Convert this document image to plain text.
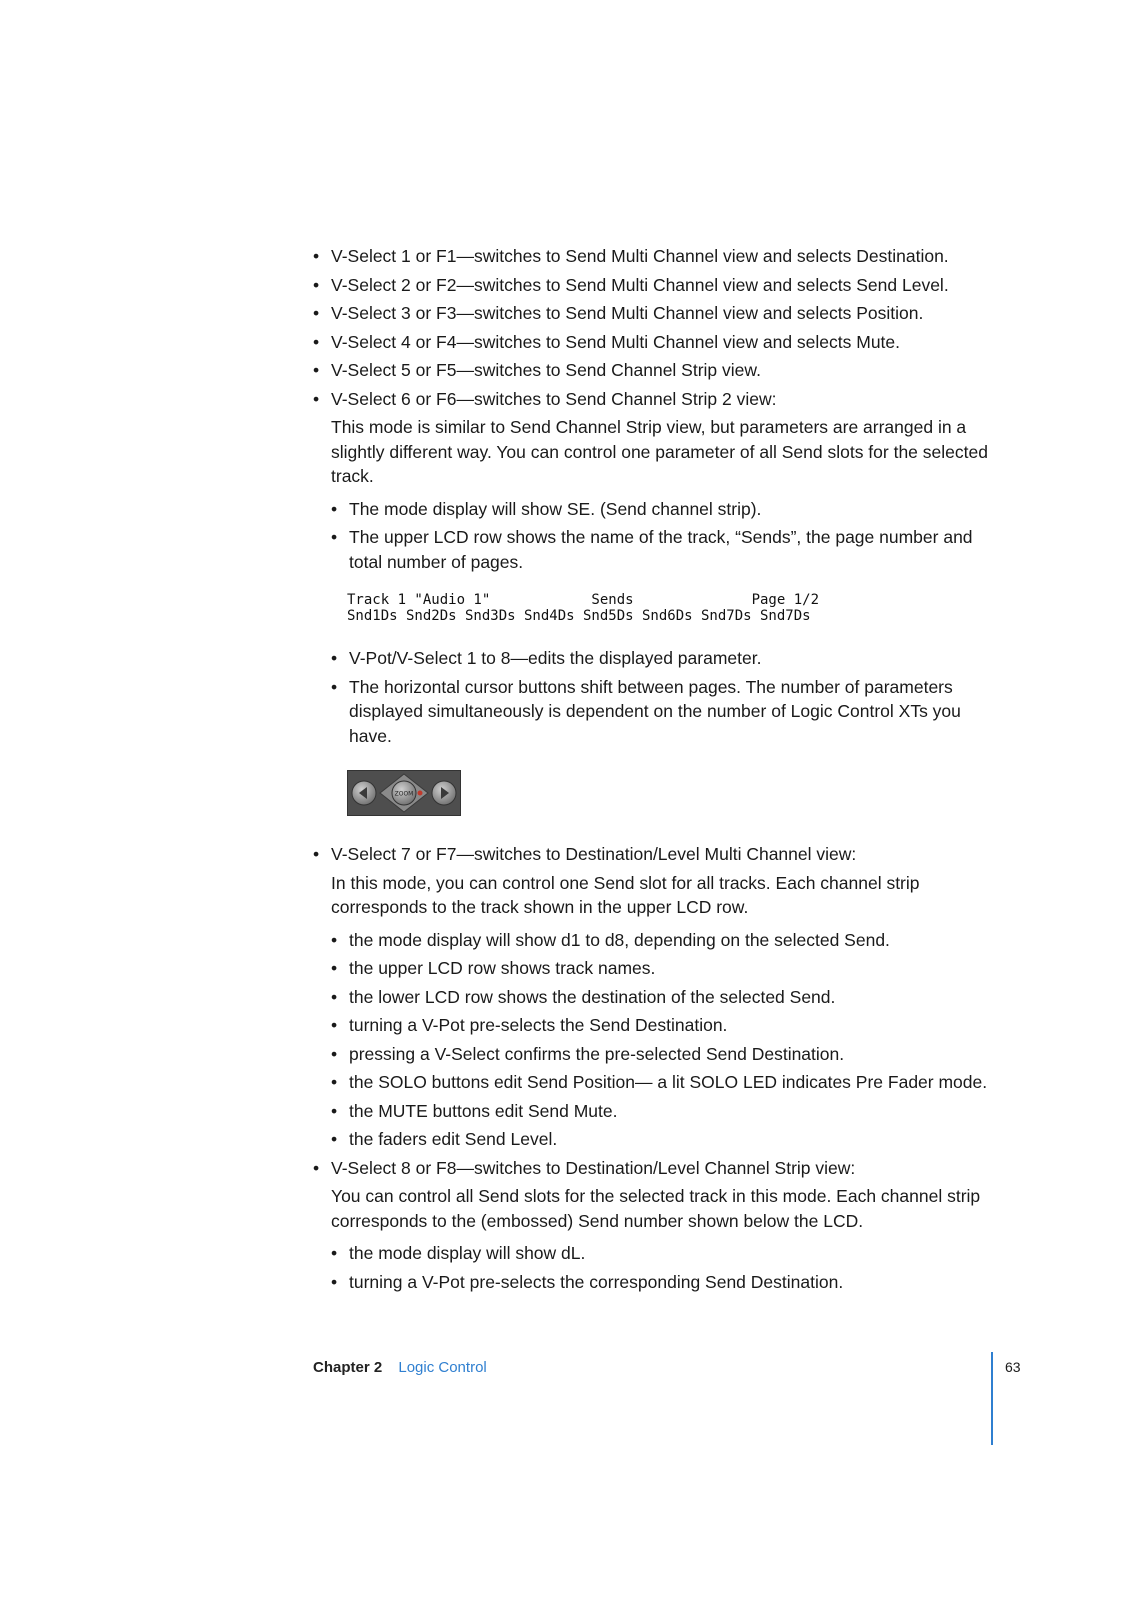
• V-Select 1 or F1—switches to Send Multi Channel view and selects Destination.
• V-Select 2 or F2—switches to Send Multi Channel view and selects Send Level.
• V-Select 3 or F3—switches to Send Multi Channel view and selects Position.
• V-Select 4 or F4—switches to Send Multi Channel view and selects Mute.
• V-Select 5 or F5—switches to Send Channel Strip view.
• V-Select 6 or F6—switches to Send Channel Strip 2 view:
This mode is similar to Send Channel Strip view, but parameters are arranged in a slightly different way. You can control one parameter of all Send slots for the selected track.
• The mode display will show SE. (Send channel strip).
• The upper LCD row shows the name of the track, “Sends”, the page number and total number of pages.
Track 1 "Audio 1"            Sends              Page 1/2
Snd1Ds Snd2Ds Snd3Ds Snd4Ds Snd5Ds Snd6Ds Snd7Ds Snd7Ds
• V-Pot/V-Select 1 to 8—edits the displayed parameter.
• The horizontal cursor buttons shift between pages. The number of parameters displayed simultaneously is dependent on the number of Logic Control XTs you have.
ZOOM
• V-Select 7 or F7—switches to Destination/Level Multi Channel view:
In this mode, you can control one Send slot for all tracks. Each channel strip corresponds to the track shown in the upper LCD row.
• the mode display will show d1 to d8, depending on the selected Send.
• the upper LCD row shows track names.
• the lower LCD row shows the destination of the selected Send.
• turning a V-Pot pre-selects the Send Destination.
• pressing a V-Select confirms the pre-selected Send Destination.
• the SOLO buttons edit Send Position— a lit SOLO LED indicates Pre Fader mode.
• the MUTE buttons edit Send Mute.
• the faders edit Send Level.
• V-Select 8 or F8—switches to Destination/Level Channel Strip view:
You can control all Send slots for the selected track in this mode. Each channel strip corresponds to the (embossed) Send number shown below the LCD.
• the mode display will show dL.
• turning a V-Pot pre-selects the corresponding Send Destination.
Chapter 2 Logic Control	63
